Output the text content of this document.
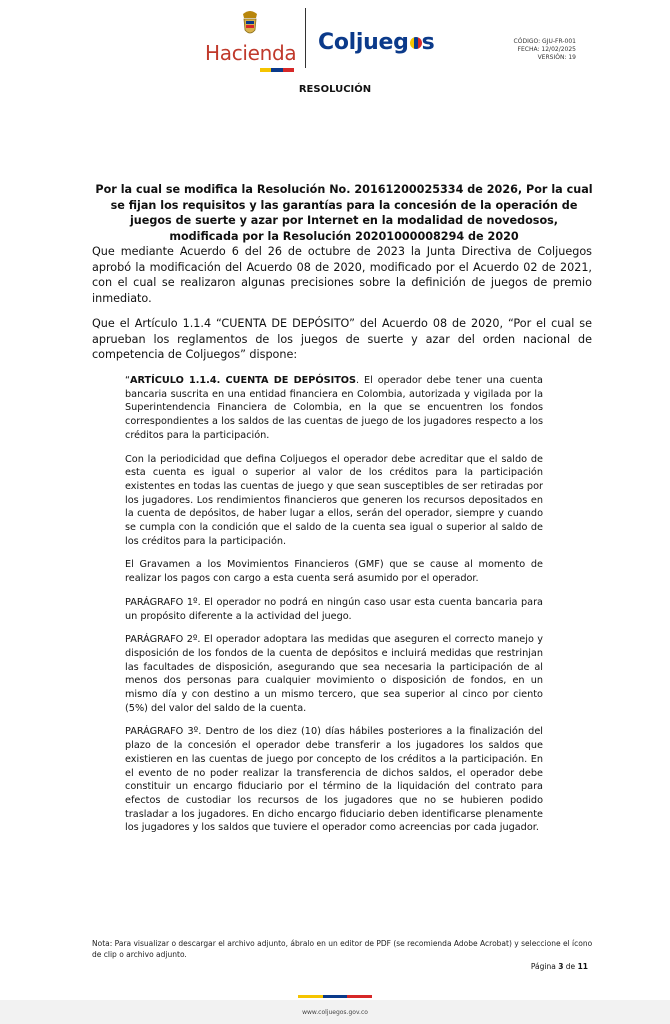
Hacienda Coljueg s	CÓDIGO: GJU-FR-001
FECHA: 12/02/2025
VERSIÓN: 19
RESOLUCIÓN
Por la cual se modifica la Resolución No. 20161200025334 de 2026, Por la cual se fijan los requisitos y las garantías para la concesión de la operación de juegos de suerte y azar por Internet en la modalidad de novedosos, modificada por la Resolución 20201000008294 de 2020
Que mediante Acuerdo 6 del 26 de octubre de 2023 la Junta Directiva de Coljuegos aprobó la modificación del Acuerdo 08 de 2020, modificado por el Acuerdo 02 de 2021, con el cual se realizaron algunas precisiones sobre la definición de juegos de premio inmediato.
Que el Artículo 1.1.4 “CUENTA DE DEPÓSITO” del Acuerdo 08 de 2020, “Por el cual se aprueban los reglamentos de los juegos de suerte y azar del orden nacional de competencia de Coljuegos” dispone:

“ARTÍCULO 1.1.4. CUENTA DE DEPÓSITOS. El operador debe tener una cuenta bancaria suscrita en una entidad financiera en Colombia, autorizada y vigilada por la Superintendencia Financiera de Colombia, en la que se encuentren los fondos correspondientes a los saldos de las cuentas de juego de los jugadores respecto a los créditos para la participación.

Con la periodicidad que defina Coljuegos el operador debe acreditar que el saldo de esta cuenta es igual o superior al valor de los créditos para la participación existentes en todas las cuentas de juego y que sean susceptibles de ser retiradas por los jugadores. Los rendimientos financieros que generen los recursos depositados en la cuenta de depósitos, de haber lugar a ellos, serán del operador, siempre y cuando se cumpla con la condición que el saldo de la cuenta sea igual o superior al saldo de los créditos para la participación.

El Gravamen a los Movimientos Financieros (GMF) que se cause al momento de realizar los pagos con cargo a esta cuenta será asumido por el operador.

PARÁGRAFO 1º. El operador no podrá en ningún caso usar esta cuenta bancaria para un propósito diferente a la actividad del juego.

PARÁGRAFO 2º. El operador adoptara las medidas que aseguren el correcto manejo y disposición de los fondos de la cuenta de depósitos e incluirá medidas que restrinjan las facultades de disposición, asegurando que sea necesaria la participación de al menos dos personas para cualquier movimiento o disposición de fondos, en un mismo día y con destino a un mismo tercero, que sea superior al cinco por ciento (5%) del valor del saldo de la cuenta.

PARÁGRAFO 3º. Dentro de los diez (10) días hábiles posteriores a la finalización del plazo de la concesión el operador debe transferir a los jugadores los saldos que existieren en las cuentas de juego por concepto de los créditos a la participación. En el evento de no poder realizar la transferencia de dichos saldos, el operador debe constituir un encargo fiduciario por el término de la liquidación del contrato para efectos de custodiar los recursos de los jugadores que no se hubieren podido trasladar a los jugadores. En dicho encargo fiduciario deben identificarse plenamente los jugadores y los saldos que tuviere el operador como acreencias por cada jugador.

Nota: Para visualizar o descargar el archivo adjunto, ábralo en un editor de PDF (se recomienda Adobe Acrobat) y seleccione el ícono de clip o archivo adjunto.
Página 3 de 11
www.coljuegos.gov.co
